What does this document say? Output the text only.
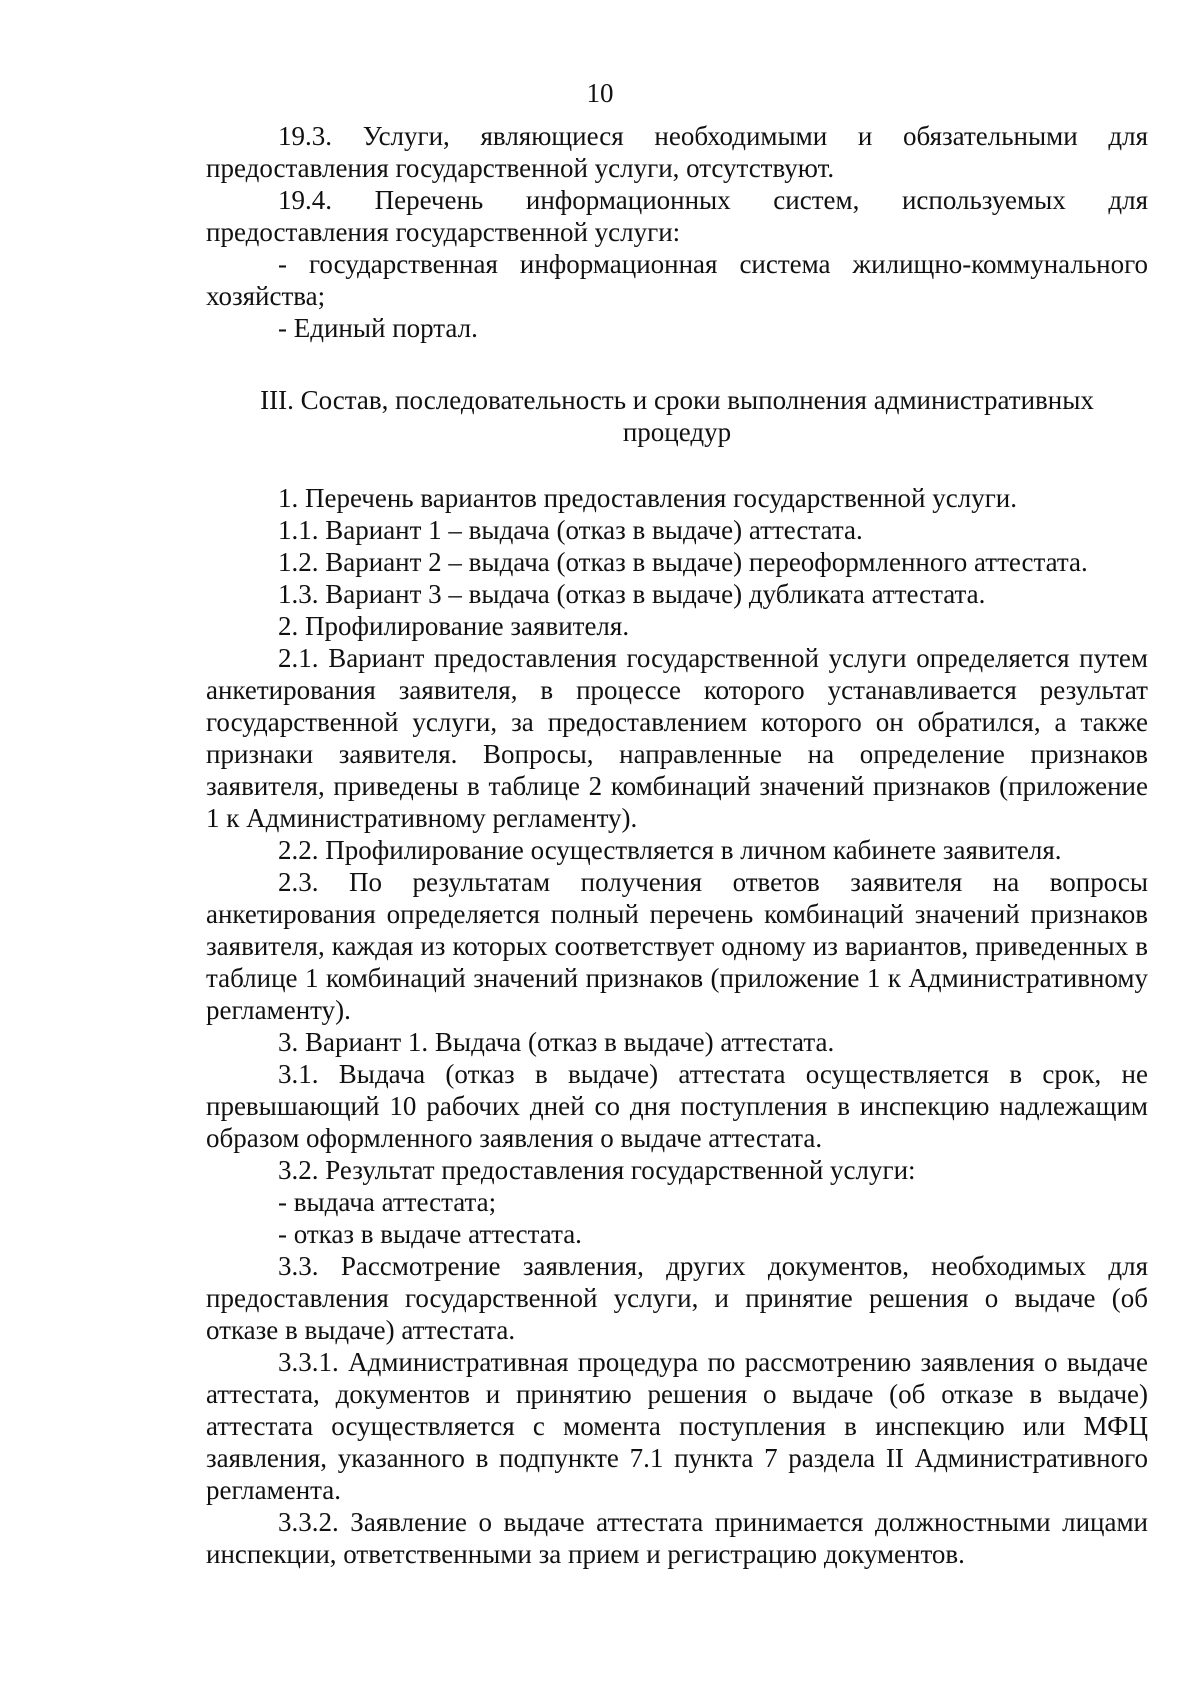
10

19.3. Услуги, являющиеся необходимыми и обязательными для предоставления государственной услуги, отсутствуют.

19.4. Перечень информационных систем, используемых для предоставления государственной услуги:

- государственная информационная система жилищно-коммунального хозяйства;

- Единый портал.

III. Состав, последовательность и сроки выполнения административных процедур

1. Перечень вариантов предоставления государственной услуги.

1.1. Вариант 1 – выдача (отказ в выдаче) аттестата.

1.2. Вариант 2 – выдача (отказ в выдаче) переоформленного аттестата.

1.3. Вариант 3 – выдача (отказ в выдаче) дубликата аттестата.

2. Профилирование заявителя.

2.1. Вариант предоставления государственной услуги определяется путем анкетирования заявителя, в процессе которого устанавливается результат государственной услуги, за предоставлением которого он обратился, а также признаки заявителя. Вопросы, направленные на определение признаков заявителя, приведены в таблице 2 комбинаций значений признаков (приложение 1 к Административному регламенту).

2.2. Профилирование осуществляется в личном кабинете заявителя.

2.3. По результатам получения ответов заявителя на вопросы анкетирования определяется полный перечень комбинаций значений признаков заявителя, каждая из которых соответствует одному из вариантов, приведенных в таблице 1 комбинаций значений признаков (приложение 1 к Административному регламенту).

3. Вариант 1. Выдача (отказ в выдаче) аттестата.

3.1. Выдача (отказ в выдаче) аттестата осуществляется в срок, не превышающий 10 рабочих дней со дня поступления в инспекцию надлежащим образом оформленного заявления о выдаче аттестата.

3.2. Результат предоставления государственной услуги:

- выдача аттестата;

- отказ в выдаче аттестата.

3.3. Рассмотрение заявления, других документов, необходимых для предоставления государственной услуги, и принятие решения о выдаче (об отказе в выдаче) аттестата.

3.3.1. Административная процедура по рассмотрению заявления о выдаче аттестата, документов и принятию решения о выдаче (об отказе в выдаче) аттестата осуществляется с момента поступления в инспекцию или МФЦ заявления, указанного в подпункте 7.1 пункта 7 раздела II Административного регламента.

3.3.2. Заявление о выдаче аттестата принимается должностными лицами инспекции, ответственными за прием и регистрацию документов.
